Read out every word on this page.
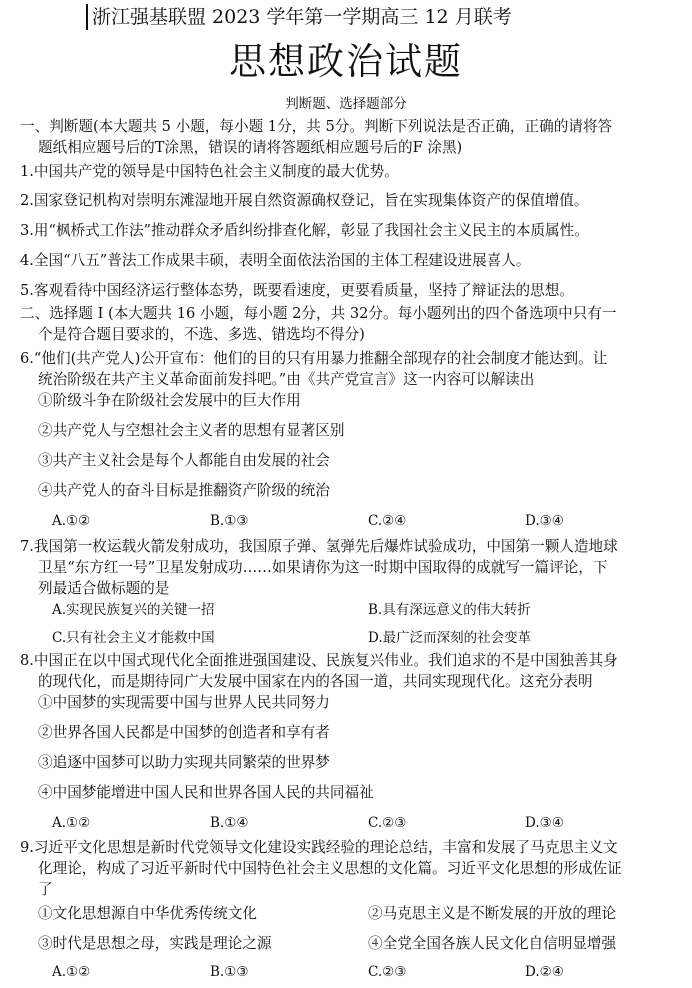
浙江强基联盟 2023 学年第一学期高三 12 月联考
思想政治试题
判断题、选择题部分
一、判断题(本大题共 5 小题，每小题 1分，共 5分。判断下列说法是否正确，正确的请将答
题纸相应题号后的T涂黑，错误的请将答题纸相应题号后的F 涂黑)
1.中国共产党的领导是中国特色社会主义制度的最大优势。
2.国家登记机构对崇明东滩湿地开展自然资源确权登记，旨在实现集体资产的保值增值。
3.用“枫桥式工作法”推动群众矛盾纠纷排查化解，彰显了我国社会主义民主的本质属性。
4.全国“八五”普法工作成果丰硕，表明全面依法治国的主体工程建设进展喜人。
5.客观看待中国经济运行整体态势，既要看速度，更要看质量，坚持了辩证法的思想。
二、选择题 I (本大题共 16 小题，每小题 2分，共 32分。每小题列出的四个备选项中只有一
个是符合题目要求的，不选、多选、错选均不得分)
6.“他们(共产党人)公开宣布：他们的目的只有用暴力推翻全部现存的社会制度才能达到。让
统治阶级在共产主义革命面前发抖吧。”由《共产党宣言》这一内容可以解读出
①阶级斗争在阶级社会发展中的巨大作用
②共产党人与空想社会主义者的思想有显著区别
③共产主义社会是每个人都能自由发展的社会
④共产党人的奋斗目标是推翻资产阶级的统治
A.①②	B.①③	C.②④	D.③④
7.我国第一枚运载火箭发射成功，我国原子弹、氢弹先后爆炸试验成功，中国第一颗人造地球
卫星“东方红一号”卫星发射成功……如果请你为这一时期中国取得的成就写一篇评论，下
列最适合做标题的是
A.实现民族复兴的关键一招	B.具有深远意义的伟大转折
C.只有社会主义才能救中国	D.最广泛而深刻的社会变革
8.中国正在以中国式现代化全面推进强国建设、民族复兴伟业。我们追求的不是中国独善其身
的现代化，而是期待同广大发展中国家在内的各国一道，共同实现现代化。这充分表明
①中国梦的实现需要中国与世界人民共同努力
②世界各国人民都是中国梦的创造者和享有者
③追逐中国梦可以助力实现共同繁荣的世界梦
④中国梦能增进中国人民和世界各国人民的共同福祉
A.①②	B.①④	C.②③	D.③④
9.习近平文化思想是新时代党领导文化建设实践经验的理论总结，丰富和发展了马克思主义文
化理论，构成了习近平新时代中国特色社会主义思想的文化篇。习近平文化思想的形成佐证
了
①文化思想源自中华优秀传统文化	②马克思主义是不断发展的开放的理论
③时代是思想之母，实践是理论之源	④全党全国各族人民文化自信明显增强
A.①②	B.①③	C.②③	D.②④
